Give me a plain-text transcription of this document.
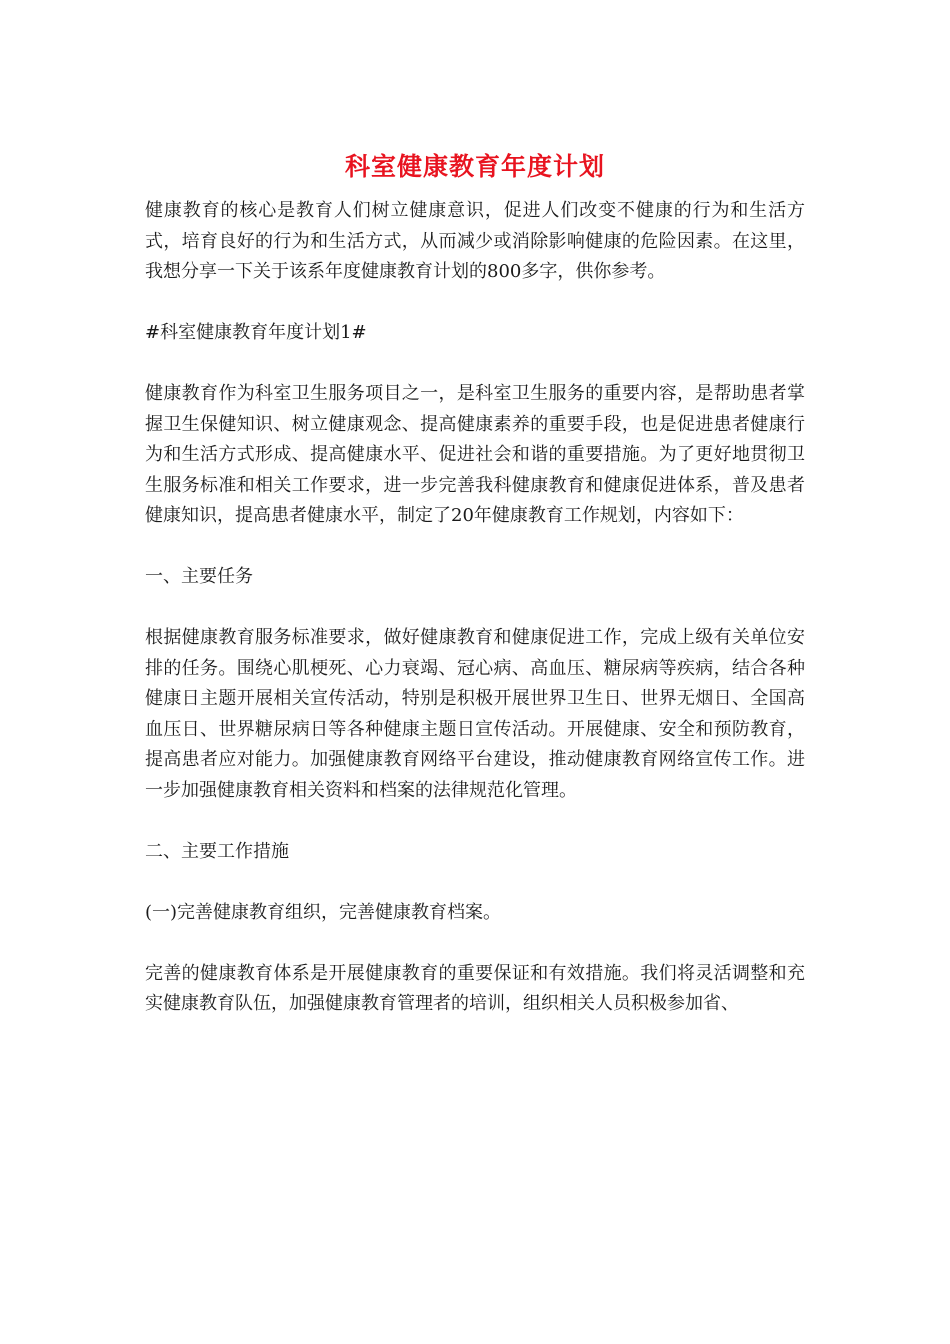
科室健康教育年度计划

健康教育的核心是教育人们树立健康意识，促进人们改变不健康的行为和生活方式，培育良好的行为和生活方式，从而减少或消除影响健康的危险因素。在这里，我想分享一下关于该系年度健康教育计划的800多字，供你参考。

#科室健康教育年度计划1#

健康教育作为科室卫生服务项目之一，是科室卫生服务的重要内容，是帮助患者掌握卫生保健知识、树立健康观念、提高健康素养的重要手段，也是促进患者健康行为和生活方式形成、提高健康水平、促进社会和谐的重要措施。为了更好地贯彻卫生服务标准和相关工作要求，进一步完善我科健康教育和健康促进体系，普及患者健康知识，提高患者健康水平，制定了20年健康教育工作规划，内容如下：

一、主要任务

根据健康教育服务标准要求，做好健康教育和健康促进工作，完成上级有关单位安排的任务。围绕心肌梗死、心力衰竭、冠心病、高血压、糖尿病等疾病，结合各种健康日主题开展相关宣传活动，特别是积极开展世界卫生日、世界无烟日、全国高血压日、世界糖尿病日等各种健康主题日宣传活动。开展健康、安全和预防教育，提高患者应对能力。加强健康教育网络平台建设，推动健康教育网络宣传工作。进一步加强健康教育相关资料和档案的法律规范化管理。

二、主要工作措施

(一)完善健康教育组织，完善健康教育档案。

完善的健康教育体系是开展健康教育的重要保证和有效措施。我们将灵活调整和充实健康教育队伍，加强健康教育管理者的培训，组织相关人员积极参加省、
